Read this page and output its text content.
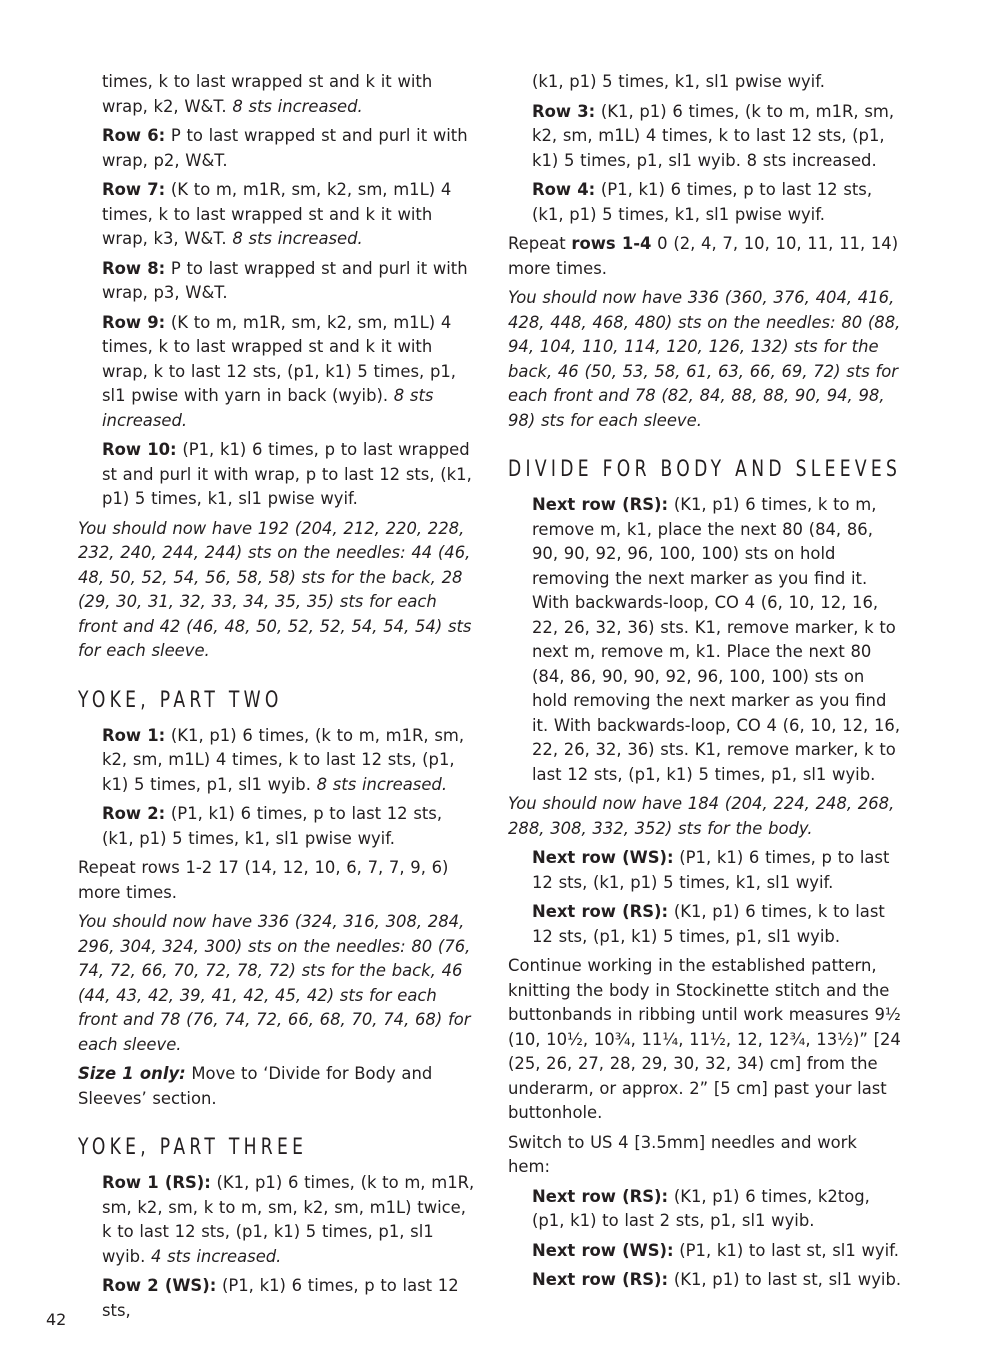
times, k to last wrapped st and k it with wrap, k2, W&T. 8 sts increased.
Row 6: P to last wrapped st and purl it with wrap, p2, W&T.
Row 7: (K to m, m1R, sm, k2, sm, m1L) 4 times, k to last wrapped st and k it with wrap, k3, W&T. 8 sts increased.
Row 8: P to last wrapped st and purl it with wrap, p3, W&T.
Row 9: (K to m, m1R, sm, k2, sm, m1L) 4 times, k to last wrapped st and k it with wrap, k to last 12 sts, (p1, k1) 5 times, p1, sl1 pwise with yarn in back (wyib). 8 sts increased.
Row 10: (P1, k1) 6 times, p to last wrapped st and purl it with wrap, p to last 12 sts, (k1, p1) 5 times, k1, sl1 pwise wyif.
You should now have 192 (204, 212, 220, 228, 232, 240, 244, 244) sts on the needles: 44 (46, 48, 50, 52, 54, 56, 58, 58) sts for the back, 28 (29, 30, 31, 32, 33, 34, 35, 35) sts for each front and 42 (46, 48, 50, 52, 52, 54, 54, 54) sts for each sleeve.
YOKE, PART TWO
Row 1: (K1, p1) 6 times, (k to m, m1R, sm, k2, sm, m1L) 4 times, k to last 12 sts, (p1, k1) 5 times, p1, sl1 wyib. 8 sts increased.
Row 2: (P1, k1) 6 times, p to last 12 sts, (k1, p1) 5 times, k1, sl1 pwise wyif.
Repeat rows 1-2 17 (14, 12, 10, 6, 7, 7, 9, 6) more times.
You should now have 336 (324, 316, 308, 284, 296, 304, 324, 300) sts on the needles: 80 (76, 74, 72, 66, 70, 72, 78, 72) sts for the back, 46 (44, 43, 42, 39, 41, 42, 45, 42) sts for each front and 78 (76, 74, 72, 66, 68, 70, 74, 68) for each sleeve.
Size 1 only: Move to ‘Divide for Body and Sleeves’ section.
YOKE, PART THREE
Row 1 (RS): (K1, p1) 6 times, (k to m, m1R, sm, k2, sm, k to m, sm, k2, sm, m1L) twice, k to last 12 sts, (p1, k1) 5 times, p1, sl1 wyib. 4 sts increased.
Row 2 (WS): (P1, k1) 6 times, p to last 12 sts,
(k1, p1) 5 times, k1, sl1 pwise wyif.
Row 3: (K1, p1) 6 times, (k to m, m1R, sm, k2, sm, m1L) 4 times, k to last 12 sts, (p1, k1) 5 times, p1, sl1 wyib. 8 sts increased.
Row 4: (P1, k1) 6 times, p to last 12 sts, (k1, p1) 5 times, k1, sl1 pwise wyif.
Repeat rows 1-4 0 (2, 4, 7, 10, 10, 11, 11, 14) more times.
You should now have 336 (360, 376, 404, 416, 428, 448, 468, 480) sts on the needles: 80 (88, 94, 104, 110, 114, 120, 126, 132) sts for the back, 46 (50, 53, 58, 61, 63, 66, 69, 72) sts for each front and 78 (82, 84, 88, 88, 90, 94, 98, 98) sts for each sleeve.
DIVIDE FOR BODY AND SLEEVES
Next row (RS): (K1, p1) 6 times, k to m, remove m, k1, place the next 80 (84, 86, 90, 90, 92, 96, 100, 100) sts on hold removing the next marker as you find it. With backwards-loop, CO 4 (6, 10, 12, 16, 22, 26, 32, 36) sts. K1, remove marker, k to next m, remove m, k1. Place the next 80 (84, 86, 90, 90, 92, 96, 100, 100) sts on hold removing the next marker as you find it. With backwards-loop, CO 4 (6, 10, 12, 16, 22, 26, 32, 36) sts. K1, remove marker, k to last 12 sts, (p1, k1) 5 times, p1, sl1 wyib.
You should now have 184 (204, 224, 248, 268, 288, 308, 332, 352) sts for the body.
Next row (WS): (P1, k1) 6 times, p to last 12 sts, (k1, p1) 5 times, k1, sl1 wyif.
Next row (RS): (K1, p1) 6 times, k to last 12 sts, (p1, k1) 5 times, p1, sl1 wyib.
Continue working in the established pattern, knitting the body in Stockinette stitch and the buttonbands in ribbing until work measures 9½ (10, 10½, 10¾, 11¼, 11½, 12, 12¾, 13½)” [24 (25, 26, 27, 28, 29, 30, 32, 34) cm] from the underarm, or approx. 2” [5 cm] past your last buttonhole.
Switch to US 4 [3.5mm] needles and work hem:
Next row (RS): (K1, p1) 6 times, k2tog, (p1, k1) to last 2 sts, p1, sl1 wyib.
Next row (WS): (P1, k1) to last st, sl1 wyif.
Next row (RS): (K1, p1) to last st, sl1 wyib.
42
